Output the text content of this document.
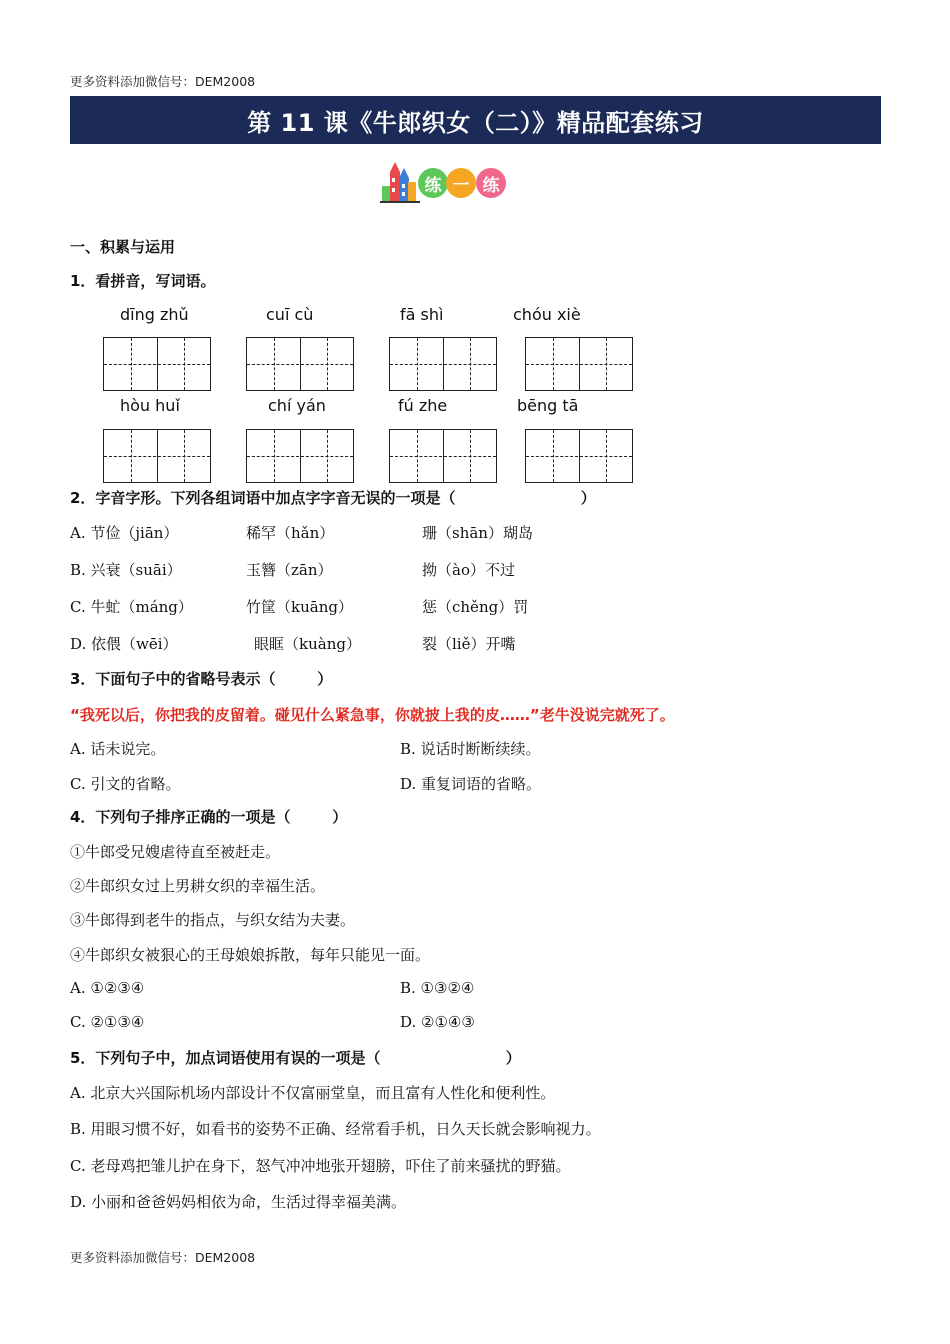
更多资料添加微信号：DEM2008
第 11 课《牛郎织女（二）》精品配套练习
练 一 练
一、积累与运用
1．看拼音，写词语。
dīng zhǔ	cuī cù	fā shì	chóu xiè
hòu huǐ	chí yán	fú zhe	bēng tā
2．字音字形。下列各组词语中加点字字音无误的一项是（                        ）
A. 节俭（jiān）	稀罕（hǎn）	珊（shān）瑚岛
B. 兴衰（suāi）	玉簪（zān）	拗（ào）不过
C. 牛虻（máng）	竹筐（kuāng）	惩（chěng）罚
D. 依偎（wēi）	眼眶（kuàng）	裂（liě）开嘴
3．下面句子中的省略号表示（        ）
“我死以后，你把我的皮留着。碰见什么紧急事，你就披上我的皮……”老牛没说完就死了。
A. 话未说完。	B. 说话时断断续续。
C. 引文的省略。	D. 重复词语的省略。
4．下列句子排序正确的一项是（        ）
①牛郎受兄嫂虐待直至被赶走。
②牛郎织女过上男耕女织的幸福生活。
③牛郎得到老牛的指点，与织女结为夫妻。
④牛郎织女被狠心的王母娘娘拆散，每年只能见一面。
A. ①②③④	B. ①③②④
C. ②①③④	D. ②①④③
5．下列句子中，加点词语使用有误的一项是（                        ）
A. 北京大兴国际机场内部设计不仅富丽堂皇，而且富有人性化和便利性。
B. 用眼习惯不好，如看书的姿势不正确、经常看手机，日久天长就会影响视力。
C. 老母鸡把雏儿护在身下，怒气冲冲地张开翅膀，吓住了前来骚扰的野猫。
D. 小丽和爸爸妈妈相依为命，生活过得幸福美满。
更多资料添加微信号：DEM2008
